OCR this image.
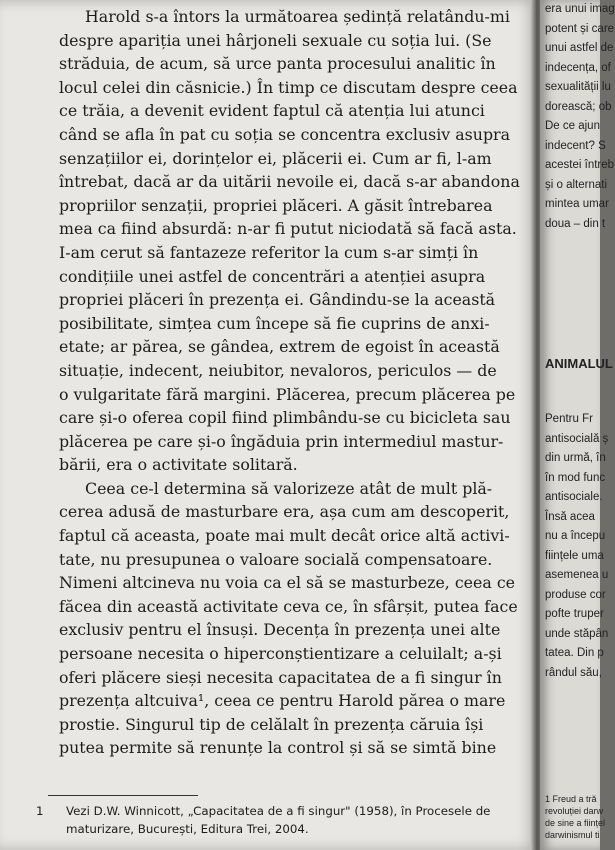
Harold s-a întors la următoarea ședință relatându-mi
despre apariția unei hârjoneli sexuale cu soția lui. (Se
străduia, de acum, să urce panta procesului analitic în
locul celei din căsnicie.) În timp ce discutam despre ceea
ce trăia, a devenit evident faptul că atenția lui atunci
când se afla în pat cu soția se concentra exclusiv asupra
senzațiilor ei, dorințelor ei, plăcerii ei. Cum ar fi, l-am
întrebat, dacă ar da uitării nevoile ei, dacă s-ar abandona
propriilor senzații, propriei plăceri. A găsit întrebarea
mea ca fiind absurdă: n-ar fi putut niciodată să facă asta.
I-am cerut să fantazeze referitor la cum s-ar simți în
condițiile unei astfel de concentrări a atenției asupra
propriei plăceri în prezența ei. Gândindu-se la această
posibilitate, simțea cum începe să fie cuprins de anxi-
etate; ar părea, se gândea, extrem de egoist în această
situație, indecent, neiubitor, nevaloros, periculos — de
o vulgaritate fără margini. Plăcerea, precum plăcerea pe
care și-o oferea copil fiind plimbându-se cu bicicleta sau
plăcerea pe care și-o îngăduia prin intermediul mastur-
bării, era o activitate solitară.
Ceea ce-l determina să valorizeze atât de mult plă-
cerea adusă de masturbare era, așa cum am descoperit,
faptul că aceasta, poate mai mult decât orice altă activi-
tate, nu presupunea o valoare socială compensatoare.
Nimeni altcineva nu voia ca el să se masturbeze, ceea ce
făcea din această activitate ceva ce, în sfârșit, putea face
exclusiv pentru el însuși. Decența în prezența unei alte
persoane necesita o hiperconștientizare a celuilalt; a-și
oferi plăcere sieși necesita capacitatea de a fi singur în
prezența altcuiva¹, ceea ce pentru Harold părea o mare
prostie. Singurul tip de celălalt în prezența căruia își
putea permite să renunțe la control și să se simtă bine
1 Vezi D.W. Winnicott, „Capacitatea de a fi singur" (1958), în Procesele de
maturizare, București, Editura Trei, 2004.
era unui imag
potent și care
unui astfel de
indecența, of
sexualității lu
dorească; ob
De ce ajun
indecent? S
acestei întreb
și o alternati
mintea umar
doua – din t
ANIMALUL
Pentru Fr
antisocială ș
din urmă, în
în mod func
antisociale.
Însă acea
nu a începu
ființele uma
asemenea u
produse cor
pofte truper
unde stăpân
tatea. Din p
rândul său,
1 Freud a tră
revoluției darw
de sine a ființel
darwinismul ti
